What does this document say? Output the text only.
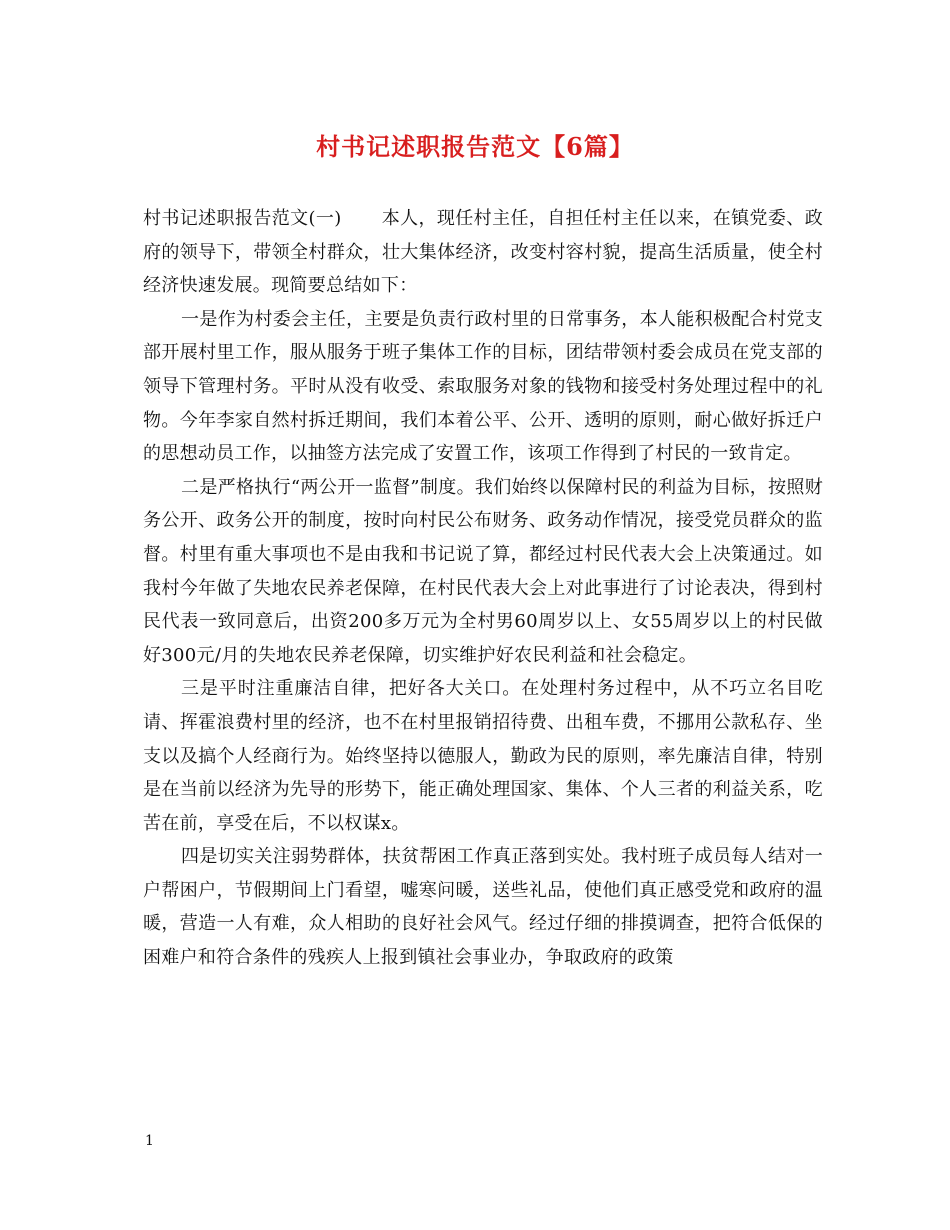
村书记述职报告范文【6篇】

村书记述职报告范文(一) 本人，现任村主任，自担任村主任以来，在镇党委、政府的领导下，带领全村群众，壮大集体经济，改变村容村貌，提高生活质量，使全村经济快速发展。现简要总结如下：

一是作为村委会主任，主要是负责行政村里的日常事务，本人能积极配合村党支部开展村里工作，服从服务于班子集体工作的目标，团结带领村委会成员在党支部的领导下管理村务。平时从没有收受、索取服务对象的钱物和接受村务处理过程中的礼物。今年李家自然村拆迁期间，我们本着公平、公开、透明的原则，耐心做好拆迁户的思想动员工作，以抽签方法完成了安置工作，该项工作得到了村民的一致肯定。

二是严格执行“两公开一监督”制度。我们始终以保障村民的利益为目标，按照财务公开、政务公开的制度，按时向村民公布财务、政务动作情况，接受党员群众的监督。村里有重大事项也不是由我和书记说了算，都经过村民代表大会上决策通过。如我村今年做了失地农民养老保障，在村民代表大会上对此事进行了讨论表决，得到村民代表一致同意后，出资200多万元为全村男60周岁以上、女55周岁以上的村民做好300元/月的失地农民养老保障，切实维护好农民利益和社会稳定。

三是平时注重廉洁自律，把好各大关口。在处理村务过程中，从不巧立名目吃请、挥霍浪费村里的经济，也不在村里报销招待费、出租车费，不挪用公款私存、坐支以及搞个人经商行为。始终坚持以德服人，勤政为民的原则，率先廉洁自律，特别是在当前以经济为先导的形势下，能正确处理国家、集体、个人三者的利益关系，吃苦在前，享受在后，不以权谋x。

四是切实关注弱势群体，扶贫帮困工作真正落到实处。我村班子成员每人结对一户帮困户，节假期间上门看望，嘘寒问暖，送些礼品，使他们真正感受党和政府的温暖，营造一人有难，众人相助的良好社会风气。经过仔细的排摸调查，把符合低保的困难户和符合条件的残疾人上报到镇社会事业办，争取政府的政策

1
